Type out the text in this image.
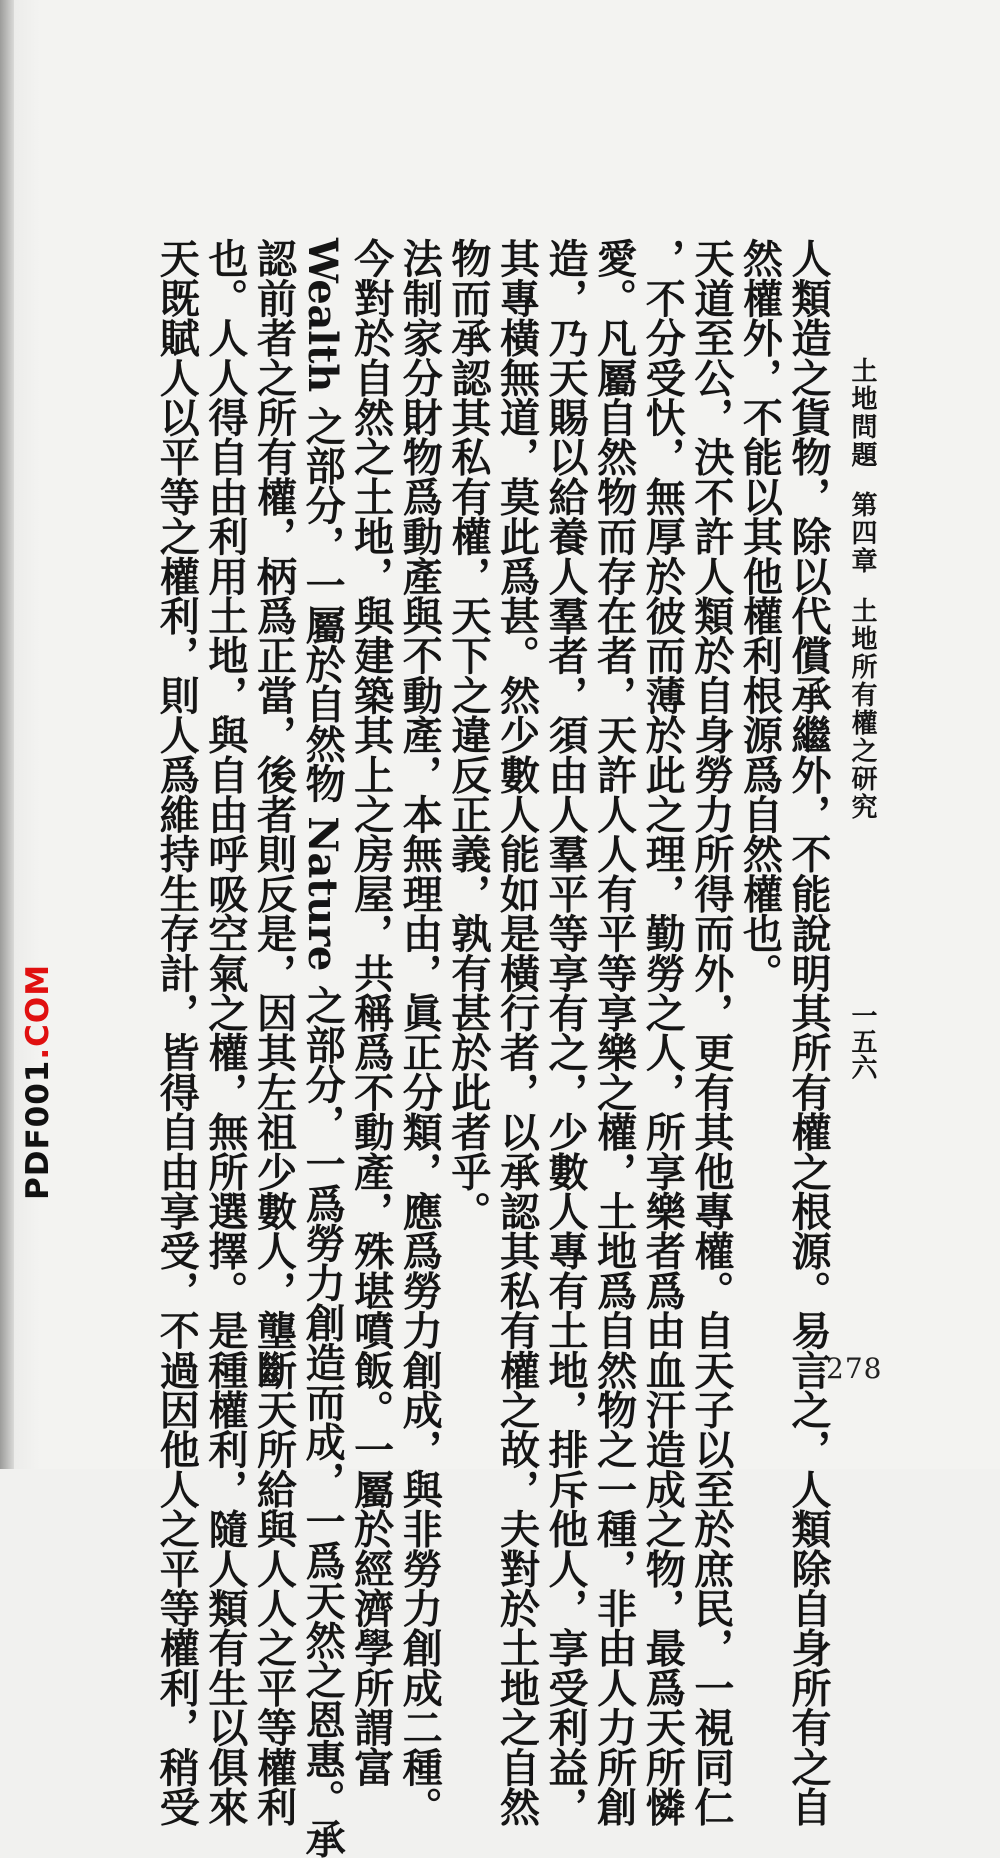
土地問題第四章土地所有權之研究
一五六
人類造之貨物，除以代償承繼外，不能說明其所有權之根源。易言之，人類除自身所有之自
然權外，不能以其他權利根源爲自然權也。
天道至公，決不許人類於自身勞力所得而外，更有其他專權。自天子以至於庶民，一視同仁
，不分受忕，無厚於彼而薄於此之理，勤勞之人，所享樂者爲由血汗造成之物，最爲天所憐
愛。凡屬自然物而存在者，天許人人有平等享樂之權，土地爲自然物之一種，非由人力所創
造，乃天賜以給養人羣者，須由人羣平等享有之，少數人專有土地，排斥他人，享受利益，
其專橫無道，莫此爲甚。然少數人能如是橫行者，以承認其私有權之故，夫對於土地之自然
物而承認其私有權，天下之違反正義，孰有甚於此者乎。
法制家分財物爲動產與不動產，本無理由，眞正分類，應爲勞力創成，與非勞力創成二種。
今對於自然之土地，與建築其上之房屋，共稱爲不動產，殊堪噴飯。一屬於經濟學所謂富
Wealth 之部分，一屬於自然物 Nature 之部分，一爲勞力創造而成，一爲天然之恩惠。承
認前者之所有權，柄爲正當，後者則反是，因其左祖少數人，壟斷天所給與人人之平等權利
也。人人得自由利用土地，與自由呼吸空氣之權，無所選擇。是種權利，隨人類有生以俱來
天既賦人以平等之權利，則人爲維持生存計，皆得自由享受，不過因他人之平等權利，稍受	278
PDF001.COM
